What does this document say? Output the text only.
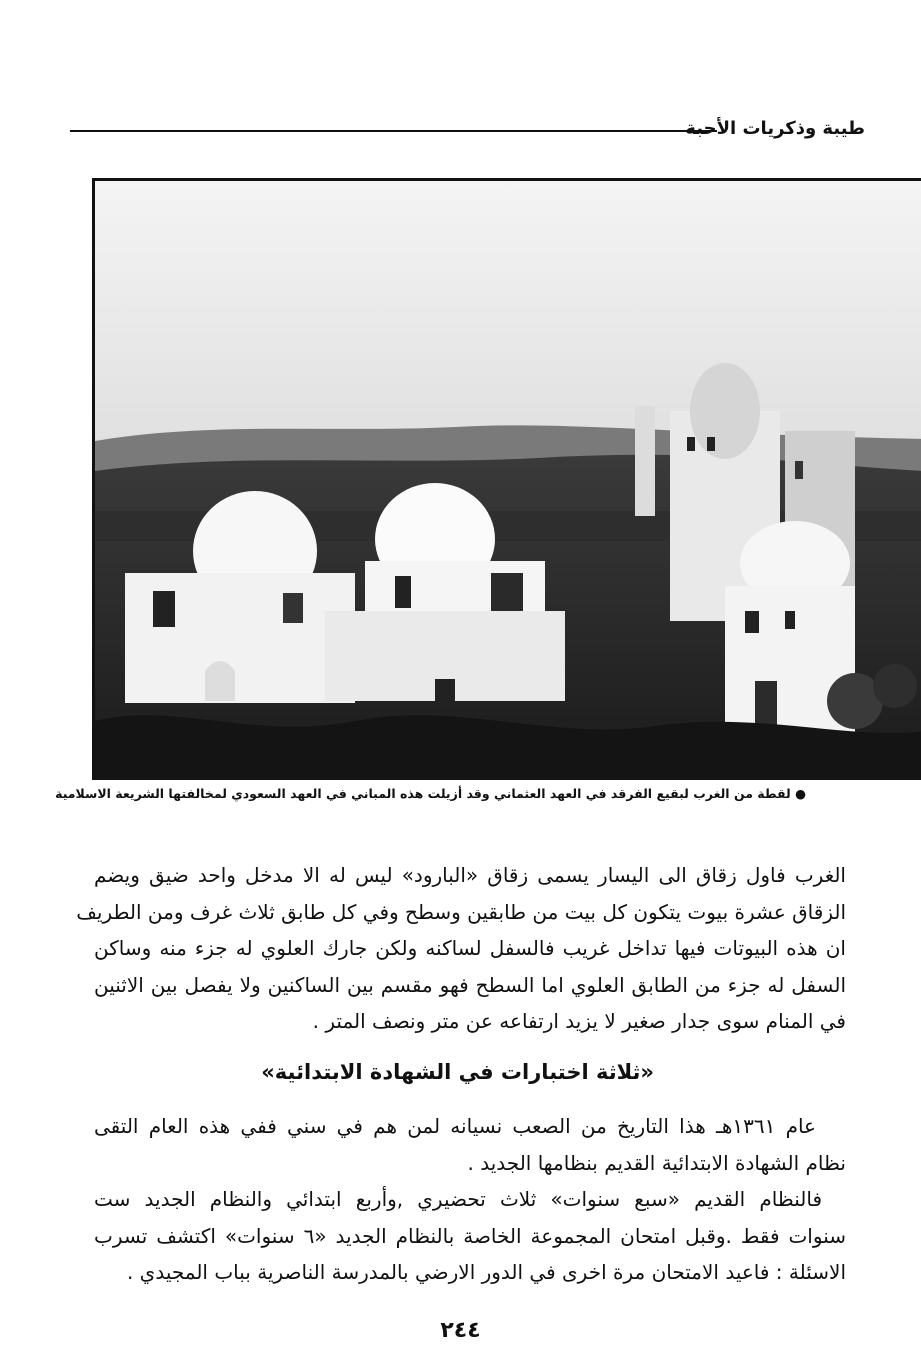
طيبة وذكريات الأحبة
● لقطة من الغرب لبقيع الفرقد في العهد العثماني وقد أزيلت هذه المباني في العهد السعودي لمخالفتها الشريعة الاسلامية
الغرب فاول زقاق الى اليسار يسمى زقاق «البارود» ليس له الا مدخل واحد ضيق ويضم
الزقاق عشرة بيوت يتكون كل بيت من طابقين وسطح وفي كل طابق ثلاث غرف ومن الطريف
ان هذه البيوتات فيها تداخل غريب فالسفل لساكنه ولكن جارك العلوي له جزء منه وساكن
السفل له جزء من الطابق العلوي اما السطح فهو مقسم بين الساكنين ولا يفصل بين الاثنين
في المنام سوى جدار صغير لا يزيد ارتفاعه عن متر ونصف المتر .
«ثلاثة اختبارات في الشهادة الابتدائية»
عام ١٣٦١هـ هذا التاريخ من الصعب نسيانه لمن هم في سني ففي هذه العام التقى
نظام الشهادة الابتدائية القديم بنظامها الجديد .
فالنظام القديم «سبع سنوات» ثلاث تحضيري ,وأربع ابتدائي والنظام الجديد ست
سنوات فقط .وقبل امتحان المجموعة الخاصة بالنظام الجديد «٦ سنوات» اكتشف تسرب
الاسئلة : فاعيد الامتحان مرة اخرى في الدور الارضي بالمدرسة الناصرية بباب المجيدي .
٢٤٤
